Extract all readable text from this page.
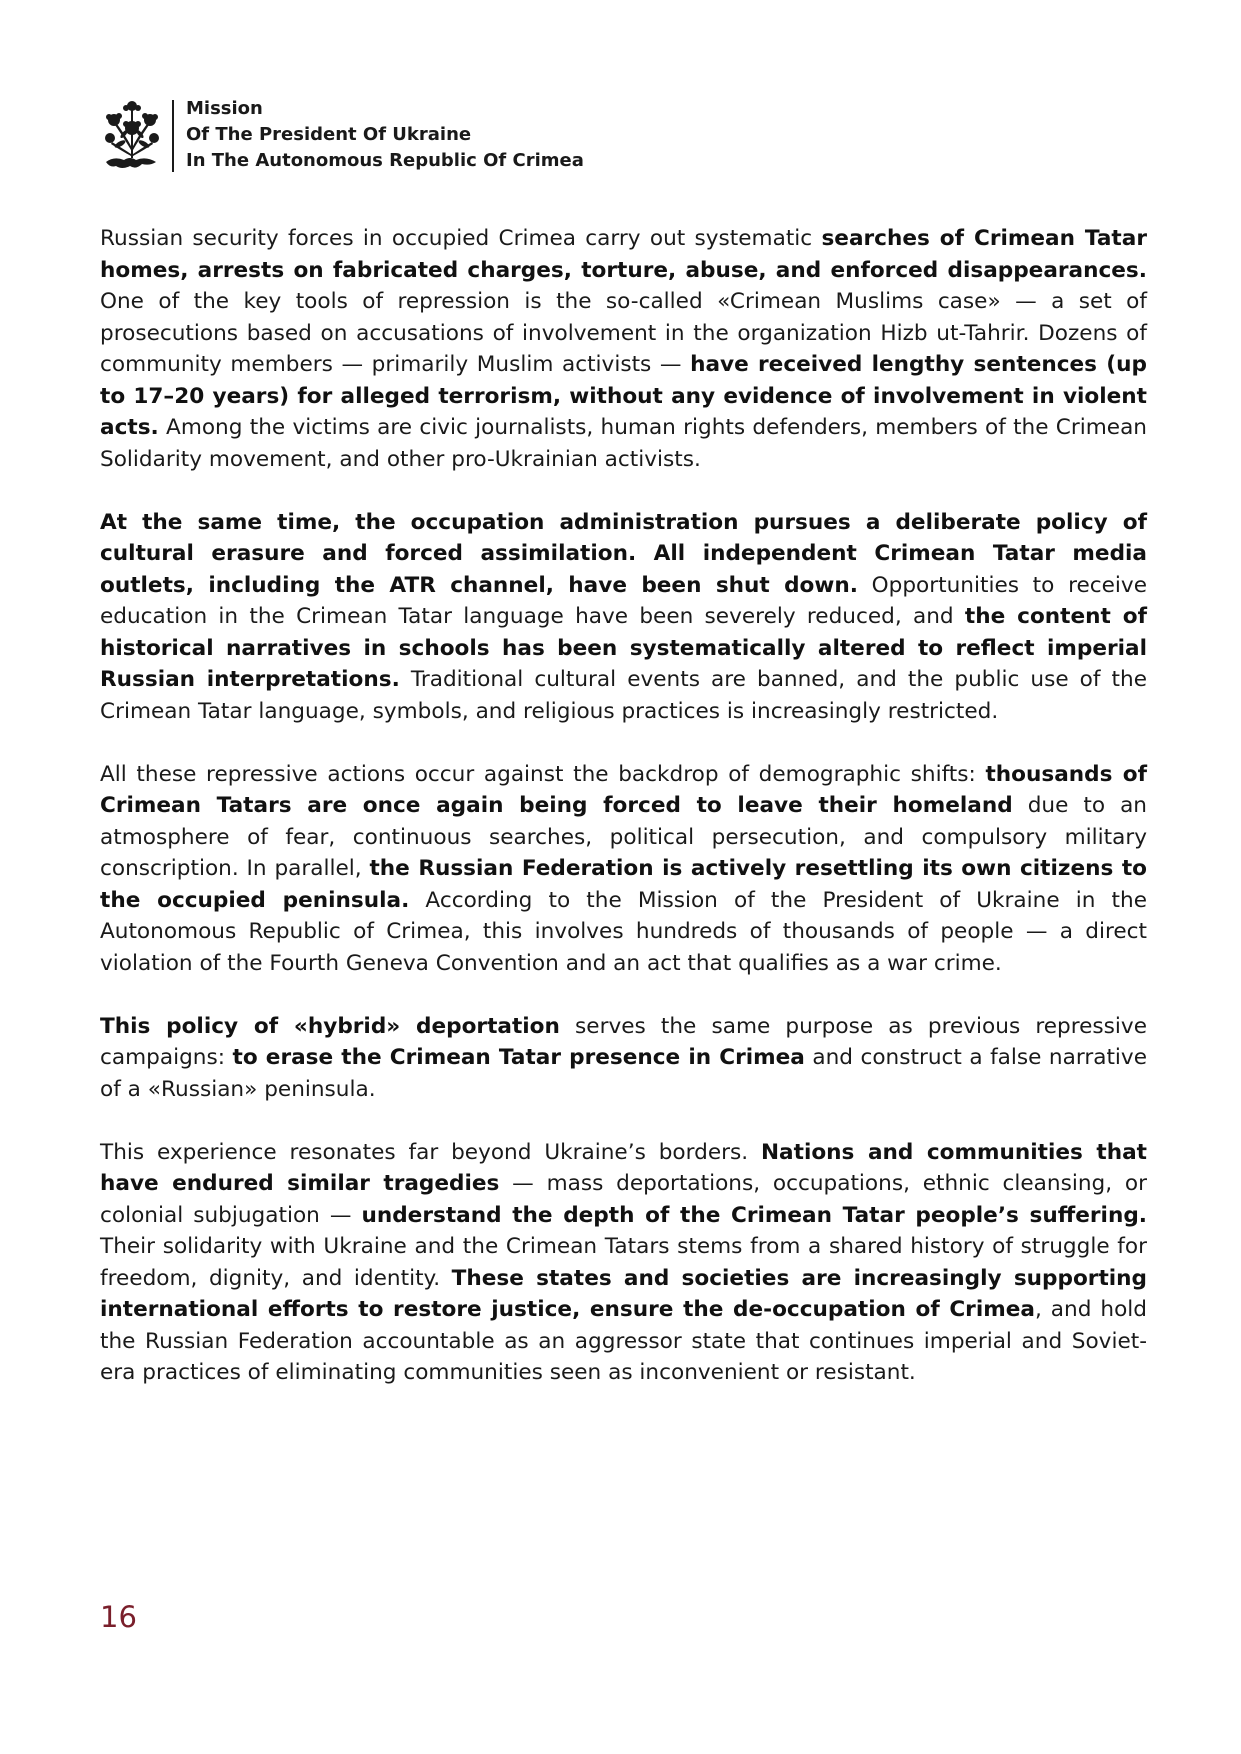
Mission
Of The President Of Ukraine
In The Autonomous Republic Of Crimea

Russian security forces in occupied Crimea carry out systematic searches of Crimean Tatar homes, arrests on fabricated charges, torture, abuse, and enforced disappearances. One of the key tools of repression is the so-called «Crimean Muslims case» — a set of prosecutions based on accusations of involvement in the organization Hizb ut-Tahrir. Dozens of community members — primarily Muslim activists — have received lengthy sentences (up to 17–20 years) for alleged terrorism, without any evidence of involvement in violent acts. Among the victims are civic journalists, human rights defenders, members of the Crimean Solidarity movement, and other pro-Ukrainian activists.

At the same time, the occupation administration pursues a deliberate policy of cultural erasure and forced assimilation. All independent Crimean Tatar media outlets, including the ATR channel, have been shut down. Opportunities to receive education in the Crimean Tatar language have been severely reduced, and the content of historical narratives in schools has been systematically altered to reflect imperial Russian interpretations. Traditional cultural events are banned, and the public use of the Crimean Tatar language, symbols, and religious practices is increasingly restricted.

All these repressive actions occur against the backdrop of demographic shifts: thousands of Crimean Tatars are once again being forced to leave their homeland due to an atmosphere of fear, continuous searches, political persecution, and compulsory military conscription. In parallel, the Russian Federation is actively resettling its own citizens to the occupied peninsula. According to the Mission of the President of Ukraine in the Autonomous Republic of Crimea, this involves hundreds of thousands of people — a direct violation of the Fourth Geneva Convention and an act that qualifies as a war crime.

This policy of «hybrid» deportation serves the same purpose as previous repressive campaigns: to erase the Crimean Tatar presence in Crimea and construct a false narrative of a «Russian» peninsula.

This experience resonates far beyond Ukraine’s borders. Nations and communities that have endured similar tragedies — mass deportations, occupations, ethnic cleansing, or colonial subjugation — understand the depth of the Crimean Tatar people’s suffering. Their solidarity with Ukraine and the Crimean Tatars stems from a shared history of struggle for freedom, dignity, and identity. These states and societies are increasingly supporting international efforts to restore justice, ensure the de-occupation of Crimea, and hold the Russian Federation accountable as an aggressor state that continues imperial and Soviet-era practices of eliminating communities seen as inconvenient or resistant.

16
